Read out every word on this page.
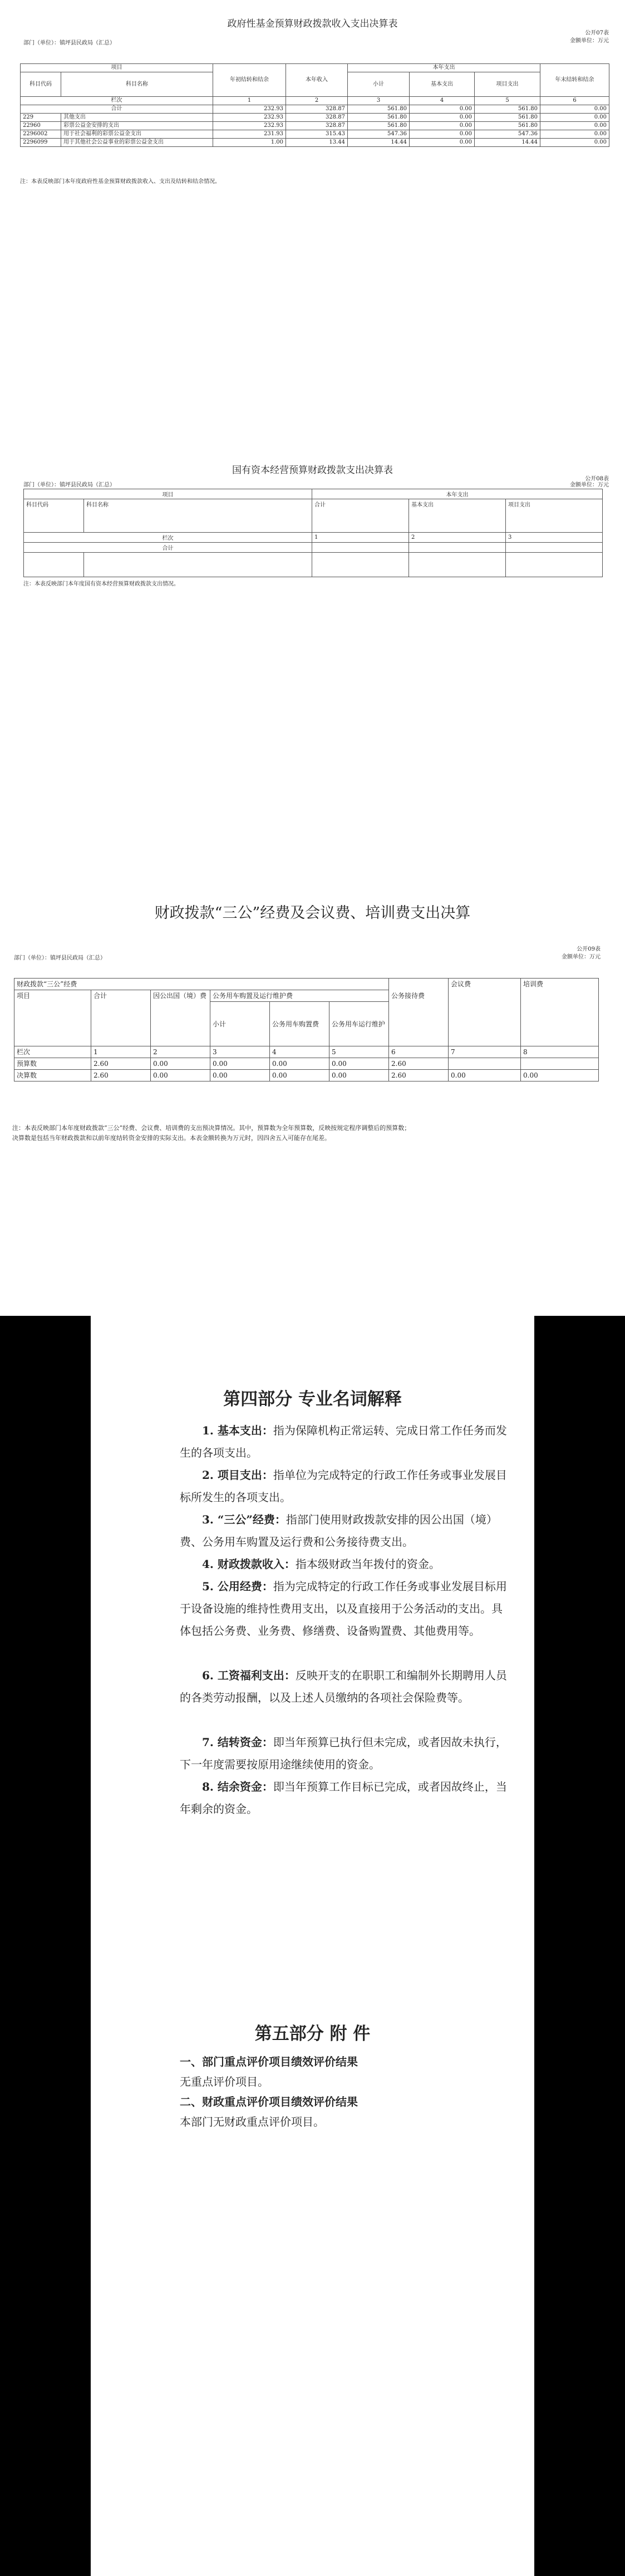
政府性基金预算财政拨款收入支出决算表
公开07表
部门（单位）：镇坪县民政局（汇总）	金额单位：万元
项目		年初结转和结余	本年收入	本年支出			年末结转和结余
科目代码	科目名称			小计	基本支出	项目支出	
栏次		1	2	3	4	5	6
合计		232.93	328.87	561.80	0.00	561.80	0.00
229	其他支出	232.93	328.87	561.80	0.00	561.80	0.00
22960	彩票公益金安排的支出	232.93	328.87	561.80	0.00	561.80	0.00
2296002	用于社会福利的彩票公益金支出	231.93	315.43	547.36	0.00	547.36	0.00
2296099	用于其他社会公益事业的彩票公益金支出	1.00	13.44	14.44	0.00	14.44	0.00
注：本表反映部门本年度政府性基金预算财政拨款收入、支出及结转和结余情况。
国有资本经营预算财政拨款支出决算表
公开08表
部门（单位）：镇坪县民政局（汇总）	金额单位：万元
项目		本年支出		
科目代码	科目名称	合计	基本支出	项目支出
栏次		1	2	3
合计				

注：本表反映部门本年度国有资本经营预算财政拨款支出情况。
财政拨款“三公”经费及会议费、培训费支出决算
公开09表
部门（单位）：镇坪县民政局（汇总）	金额单位：万元
财政拨款“三公”经费							会议费	培训费
项目	合计	因公出国（境）费	公务用车购置及运行维护费			公务接待费		
			小计	公务用车购置费	公务用车运行维护			

栏次	1	2	3	4	5	6	7	8
预算数	2.60	0.00	0.00	0.00	0.00	2.60		
决算数	2.60	0.00	0.00	0.00	0.00	2.60	0.00	0.00
注：本表反映部门本年度财政拨款“三公”经费、会议费、培训费的支出预决算情况。其中，预算数为全年预算数，反映按规定程序调整后的预算数；
决算数是包括当年财政拨款和以前年度结转资金安排的实际支出。本表金额转换为万元时，因四舍五入可能存在尾差。
第四部分 专业名词解释
1. 基本支出：指为保障机构正常运转、完成日常工作任务而发生的各项支出。
2. 项目支出：指单位为完成特定的行政工作任务或事业发展目标所发生的各项支出。
3. “三公”经费：指部门使用财政拨款安排的因公出国（境）费、公务用车购置及运行费和公务接待费支出。
4. 财政拨款收入：指本级财政当年拨付的资金。
5. 公用经费：指为完成特定的行政工作任务或事业发展目标用于设备设施的维持性费用支出，以及直接用于公务活动的支出。具体包括公务费、业务费、修缮费、设备购置费、其他费用等。
6. 工资福利支出：反映开支的在职职工和编制外长期聘用人员的各类劳动报酬，以及上述人员缴纳的各项社会保险费等。
7. 结转资金：即当年预算已执行但未完成，或者因故未执行，下一年度需要按原用途继续使用的资金。
8. 结余资金：即当年预算工作目标已完成，或者因故终止，当年剩余的资金。
第五部分 附 件
一、部门重点评价项目绩效评价结果
无重点评价项目。
二、财政重点评价项目绩效评价结果
本部门无财政重点评价项目。
